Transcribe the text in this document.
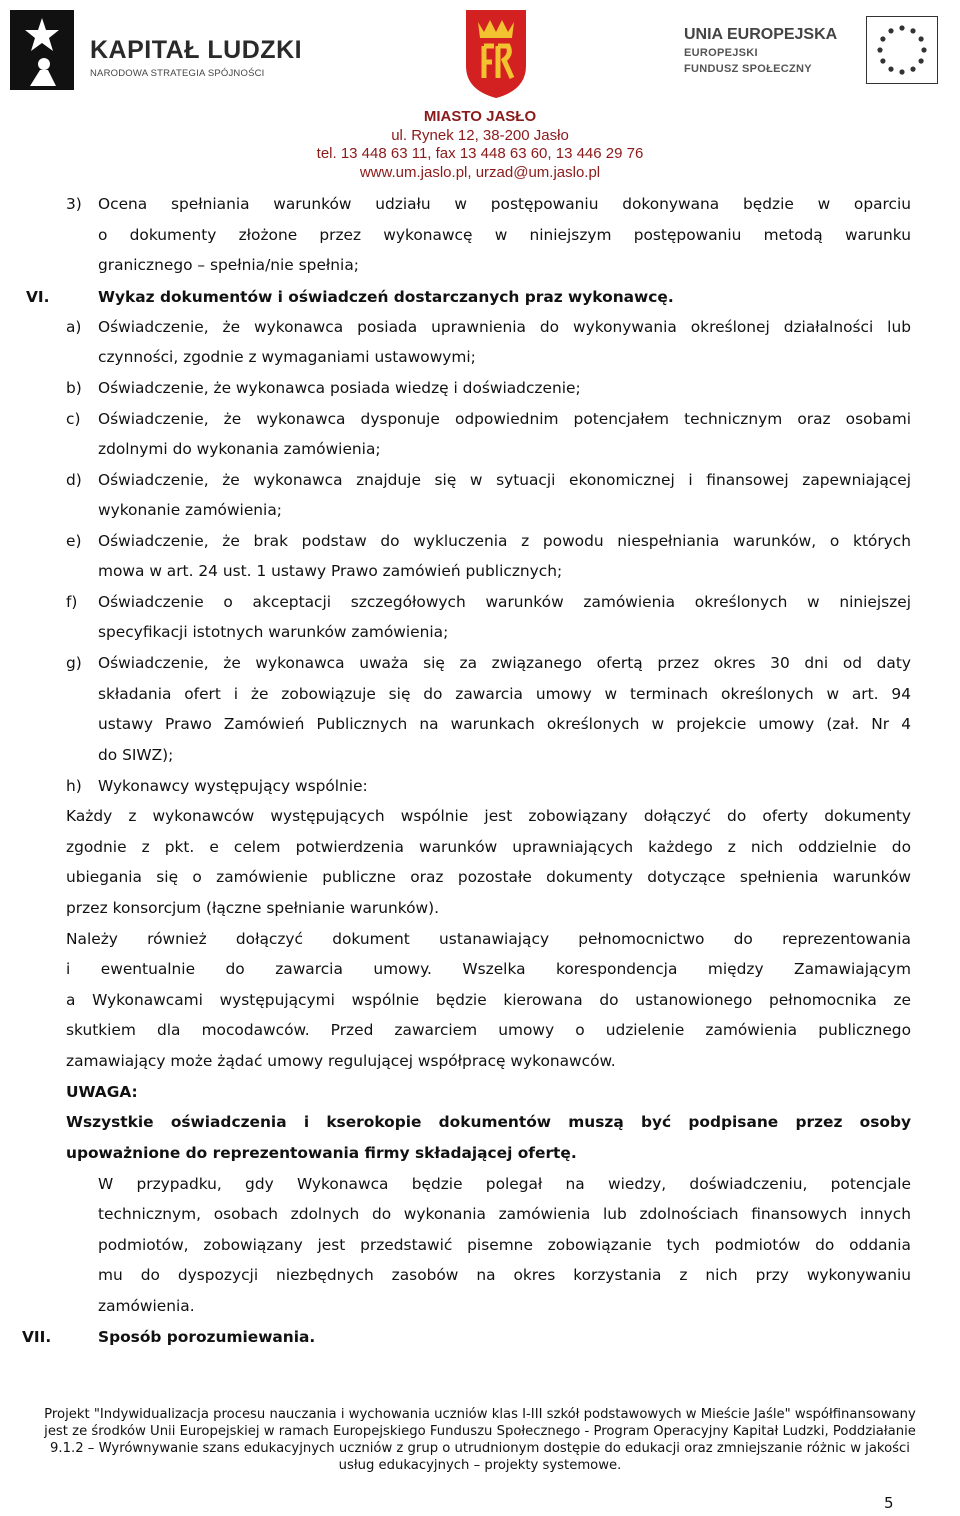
KAPITAŁ LUDZKI
NARODOWA STRATEGIA SPÓJNOŚCI
UNIA EUROPEJSKA
EUROPEJSKI
FUNDUSZ SPOŁECZNY
MIASTO JASŁO
ul. Rynek 12, 38-200 Jasło
tel. 13 448 63 11, fax 13 448 63 60, 13 446 29 76
www.um.jaslo.pl, urzad@um.jaslo.pl
3) Ocena spełniania warunków udziału w postępowaniu dokonywana będzie w oparciu
o dokumenty złożone przez wykonawcę w niniejszym postępowaniu metodą warunku
granicznego – spełnia/nie spełnia;
VI.	Wykaz dokumentów i oświadczeń dostarczanych praz wykonawcę.
a) Oświadczenie, że wykonawca posiada uprawnienia do wykonywania określonej działalności lub
czynności, zgodnie z wymaganiami ustawowymi;
b) Oświadczenie, że wykonawca posiada wiedzę i doświadczenie;
c) Oświadczenie, że wykonawca dysponuje odpowiednim potencjałem technicznym oraz osobami
zdolnymi do wykonania zamówienia;
d) Oświadczenie, że wykonawca znajduje się w sytuacji ekonomicznej i finansowej zapewniającej
wykonanie zamówienia;
e) Oświadczenie, że brak podstaw do wykluczenia z powodu niespełniania warunków, o których
mowa w art. 24 ust. 1 ustawy Prawo zamówień publicznych;
f) Oświadczenie o akceptacji szczegółowych warunków zamówienia określonych w niniejszej
specyfikacji istotnych warunków zamówienia;
g) Oświadczenie, że wykonawca uważa się za związanego ofertą przez okres 30 dni od daty
składania ofert i że zobowiązuje się do zawarcia umowy w terminach określonych w art. 94
ustawy Prawo Zamówień Publicznych na warunkach określonych w projekcie umowy (zał. Nr 4
do SIWZ);
h) Wykonawcy występujący wspólnie:
Każdy z wykonawców występujących wspólnie jest zobowiązany dołączyć do oferty dokumenty
zgodnie z pkt. e celem potwierdzenia warunków uprawniających każdego z nich oddzielnie do
ubiegania się o zamówienie publiczne oraz pozostałe dokumenty dotyczące spełnienia warunków
przez konsorcjum (łączne spełnianie warunków).
Należy również dołączyć dokument ustanawiający pełnomocnictwo do reprezentowania
i ewentualnie do zawarcia umowy. Wszelka korespondencja między Zamawiającym
a Wykonawcami występującymi wspólnie będzie kierowana do ustanowionego pełnomocnika ze
skutkiem dla mocodawców. Przed zawarciem umowy o udzielenie zamówienia publicznego
zamawiający może żądać umowy regulującej współpracę wykonawców.
UWAGA:
Wszystkie oświadczenia i kserokopie dokumentów muszą być podpisane przez osoby
upoważnione do reprezentowania firmy składającej ofertę.
W przypadku, gdy Wykonawca będzie polegał na wiedzy, doświadczeniu, potencjale
technicznym, osobach zdolnych do wykonania zamówienia lub zdolnościach finansowych innych
podmiotów, zobowiązany jest przedstawić pisemne zobowiązanie tych podmiotów do oddania
mu do dyspozycji niezbędnych zasobów na okres korzystania z nich przy wykonywaniu
zamówienia.
VII.	Sposób porozumiewania.
Projekt "Indywidualizacja procesu nauczania i wychowania uczniów klas I-III szkół podstawowych w Mieście Jaśle" współfinansowany
jest ze środków Unii Europejskiej w ramach Europejskiego Funduszu Społecznego - Program Operacyjny Kapitał Ludzki, Poddziałanie
9.1.2 – Wyrównywanie szans edukacyjnych uczniów z grup o utrudnionym dostępie do edukacji oraz zmniejszanie różnic w jakości
usług edukacyjnych – projekty systemowe.
5
